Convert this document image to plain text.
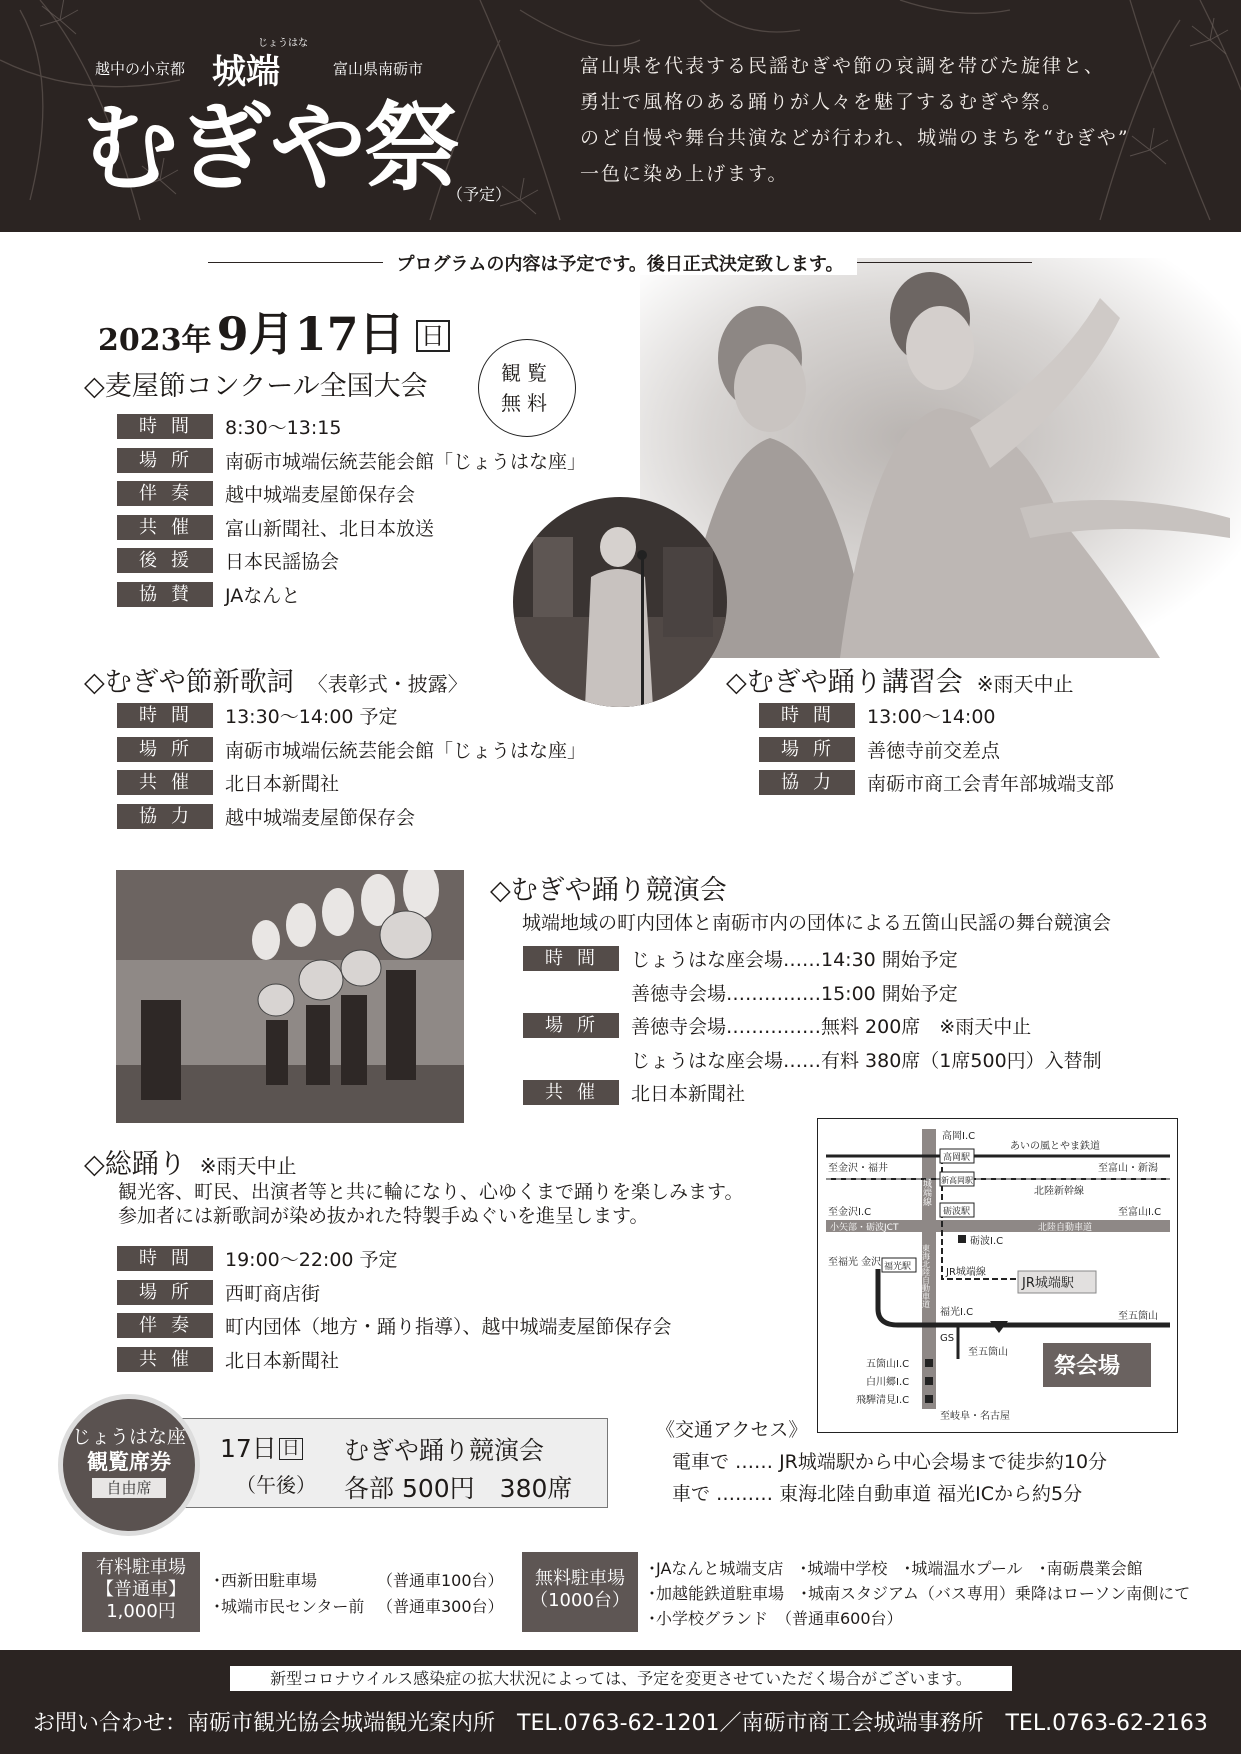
越中の小京都
じょうはな
城端	富山県南砺市
むぎや祭
（予定）
富山県を代表する民謡むぎや節の哀調を帯びた旋律と、
勇壮で風格のある踊りが人々を魅了するむぎや祭。
のど自慢や舞台共演などが行われ、城端のまちを“むぎや”
一色に染め上げます。
プログラムの内容は予定です。後日正式決定致します。
2023年 9月17日 日
観覧
無料
◇麦屋節コンクール全国大会
時間	8:30〜13:15
場所	南砺市城端伝統芸能会館「じょうはな座」
伴奏	越中城端麦屋節保存会
共催	富山新聞社、北日本放送
後援	日本民謡協会
協賛	JAなんと
◇むぎや節新歌詞 〈表彰式・披露〉
時間	13:30〜14:00 予定
場所	南砺市城端伝統芸能会館「じょうはな座」
共催	北日本新聞社
協力	越中城端麦屋節保存会
◇むぎや踊り講習会 ※雨天中止
時間	13:00〜14:00
場所	善徳寺前交差点
協力	南砺市商工会青年部城端支部
◇むぎや踊り競演会
城端地域の町内団体と南砺市内の団体による五箇山民謡の舞台競演会
時間	じょうはな座会場……14:30 開始予定
善徳寺会場……………15:00 開始予定
場所	善徳寺会場……………無料 200席　※雨天中止
じょうはな座会場……有料 380席（1席500円）入替制
共催	北日本新聞社
◇総踊り ※雨天中止
観光客、町民、出演者等と共に輪になり、心ゆくまで踊りを楽しみます。
参加者には新歌詞が染め抜かれた特製手ぬぐいを進呈します。
時間	19:00〜22:00 予定
場所	西町商店街
伴奏	町内団体（地方・踊り指導）、越中城端麦屋節保存会
共催	北日本新聞社
高岡I.C
あいの風とやま鉄道
高岡駅
新高岡駅
至金沢・福井	至富山・新潟
北陸新幹線
城端線
砺波駅
至金沢I.C	至富山I.C
小矢部・砺波JCT	北陸自動車道
砺波I.C
東海北陸自動車道
福光駅	JR城端線
JR城端駅
至福光 金沢
福光I.C	至五箇山
304
GS
至五箇山
五箇山I.C
白川郷I.C
飛騨清見I.C
至岐阜・名古屋
祭会場
《交通アクセス》
電車で …… JR城端駅から中心会場まで徒歩約10分
車で ……… 東海北陸自動車道 福光ICから約5分
17日 日
（午後）
むぎや踊り競演会
各部 500円　380席
じょうはな座
観覧席券
自由席
有料駐車場
【普通車】
1,000円
･西新田駐車場	（普通車100台）
･城端市民センター前 （普通車300台）
無料駐車場
（1000台）
･JAなんと城端支店　･城端中学校　･城端温水プール　･南砺農業会館
･加越能鉄道駐車場　･城南スタジアム（バス専用）乗降はローソン南側にて
･小学校グランド　（普通車600台）
新型コロナウイルス感染症の拡大状況によっては、予定を変更させていただく場合がございます。
お問い合わせ：南砺市観光協会城端観光案内所　TEL.0763-62-1201／南砺市商工会城端事務所　TEL.0763-62-2163
